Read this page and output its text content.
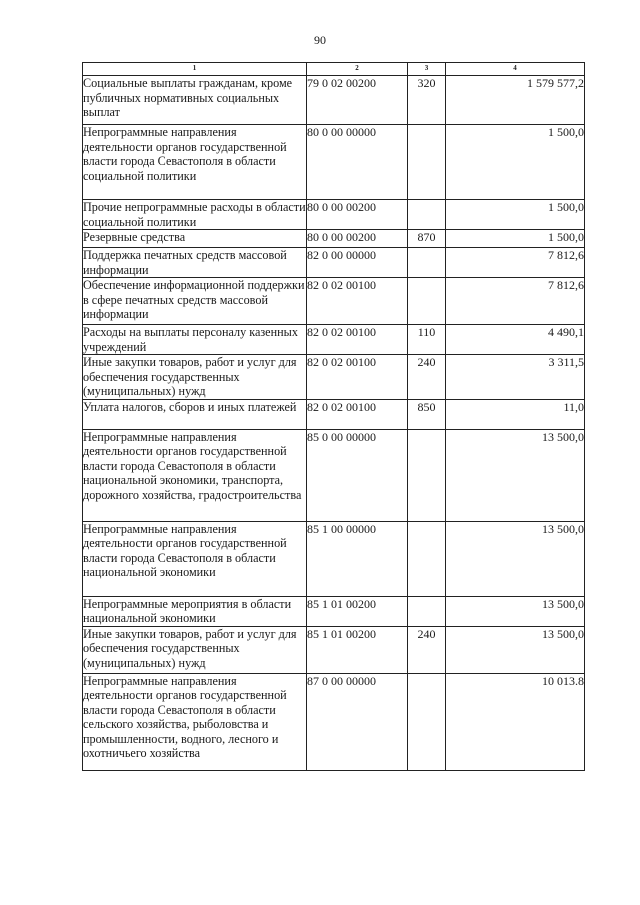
90
1	2	3	4
Социальные выплаты гражданам, кроме публичных нормативных социальных выплат	79 0 02 00200	320	1 579 577,2
Непрограммные направления деятельности органов государственной власти города Севастополя в области социальной политики	80 0 00 00000		1 500,0
Прочие непрограммные расходы в области социальной политики	80 0 00 00200		1 500,0
Резервные средства	80 0 00 00200	870	1 500,0
Поддержка печатных средств массовой информации	82 0 00 00000		7 812,6
Обеспечение информационной поддержки в сфере печатных средств массовой информации	82 0 02 00100		7 812,6
Расходы на выплаты персоналу казенных учреждений	82 0 02 00100	110	4 490,1
Иные закупки товаров, работ и услуг для обеспечения государственных (муниципальных) нужд	82 0 02 00100	240	3 311,5
Уплата налогов, сборов и иных платежей	82 0 02 00100	850	11,0
Непрограммные направления деятельности органов государственной власти города Севастополя в области национальной экономики, транспорта, дорожного хозяйства, градостроительства	85 0 00 00000		13 500,0
Непрограммные направления деятельности органов государственной власти города Севастополя в области национальной экономики	85 1 00 00000		13 500,0
Непрограммные мероприятия в области национальной экономики	85 1 01 00200		13 500,0
Иные закупки товаров, работ и услуг для обеспечения государственных (муниципальных) нужд	85 1 01 00200	240	13 500,0
Непрограммные направления деятельности органов государственной власти города Севастополя в области сельского хозяйства, рыболовства и промышленности, водного, лесного и охотничьего хозяйства	87 0 00 00000		10 013.8
